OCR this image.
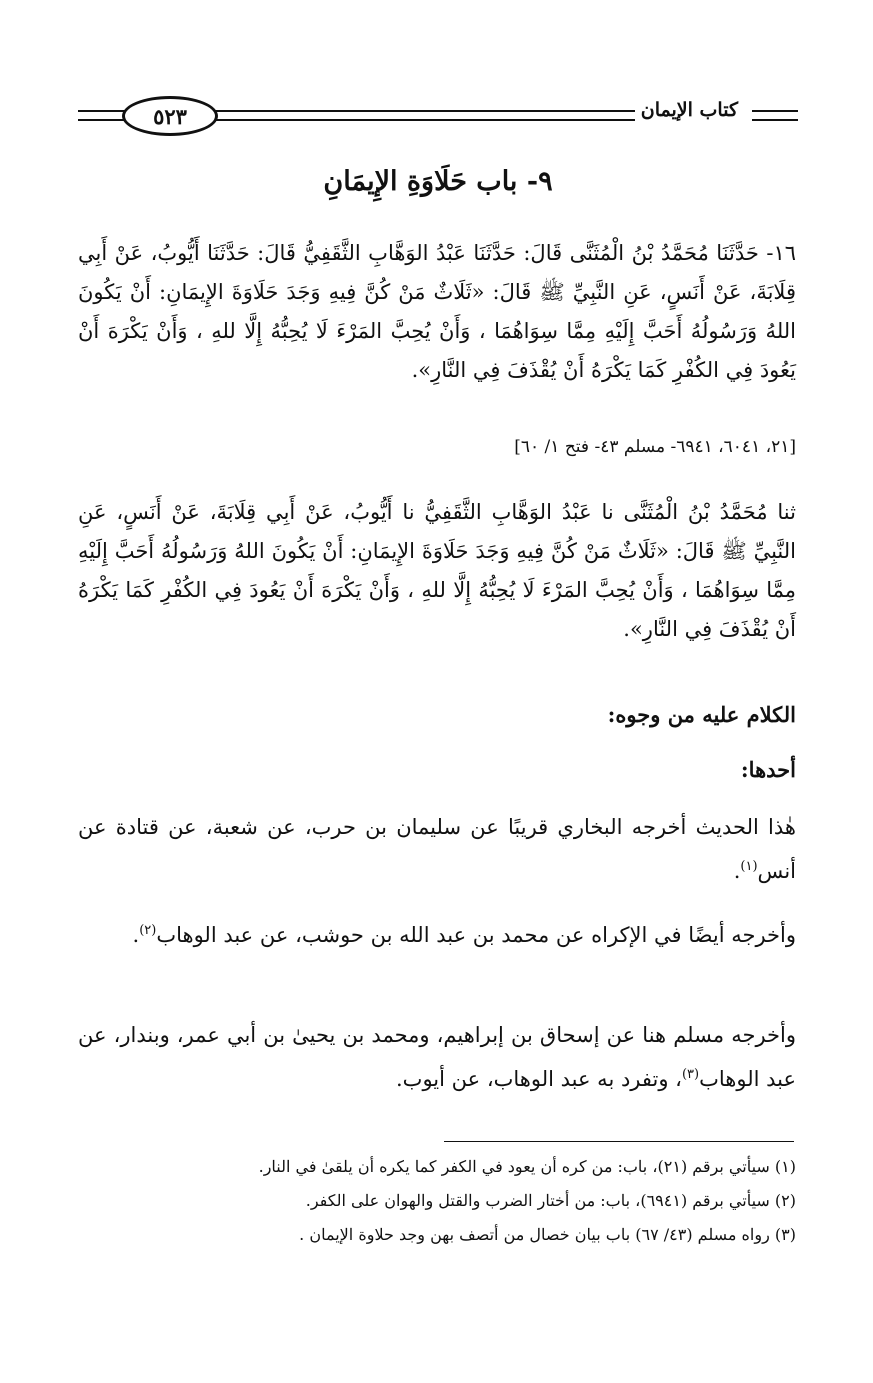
٥٢٣	كتاب الإيمان
٩- باب حَلَاوَةِ الإِيمَانِ

١٦- حَدَّثَنَا مُحَمَّدُ بْنُ الْمُثَنَّى قَالَ: حَدَّثَنَا عَبْدُ الوَهَّابِ الثَّقَفِيُّ قَالَ: حَدَّثَنَا أَيُّوبُ، عَنْ أَبِي قِلَابَةَ، عَنْ أَنَسٍ، عَنِ النَّبِيِّ ﷺ قَالَ: «ثَلَاثٌ مَنْ كُنَّ فِيهِ وَجَدَ حَلَاوَةَ الإِيمَانِ: أَنْ يَكُونَ اللهُ وَرَسُولُهُ أَحَبَّ إِلَيْهِ مِمَّا سِوَاهُمَا ، وَأَنْ يُحِبَّ المَرْءَ لَا يُحِبُّهُ إِلَّا للهِ ، وَأَنْ يَكْرَهَ أَنْ يَعُودَ فِي الكُفْرِ كَمَا يَكْرَهُ أَنْ يُقْذَفَ فِي النَّارِ».

[٢١، ٦٠٤١، ٦٩٤١- مسلم ٤٣- فتح ١/ ٦٠]

ثنا مُحَمَّدُ بْنُ الْمُثَنَّى نا عَبْدُ الوَهَّابِ الثَّقَفِيُّ نا أَيُّوبُ، عَنْ أَبِي قِلَابَةَ، عَنْ أَنَسٍ، عَنِ النَّبِيِّ ﷺ قَالَ: «ثَلَاثٌ مَنْ كُنَّ فِيهِ وَجَدَ حَلَاوَةَ الإِيمَانِ: أَنْ يَكُونَ اللهُ وَرَسُولُهُ أَحَبَّ إِلَيْهِ مِمَّا سِوَاهُمَا ، وَأَنْ يُحِبَّ المَرْءَ لَا يُحِبُّهُ إِلَّا للهِ ، وَأَنْ يَكْرَهَ أَنْ يَعُودَ فِي الكُفْرِ كَمَا يَكْرَهُ أَنْ يُقْذَفَ فِي النَّارِ».

الكلام عليه من وجوه:

أحدها:

هٰذا الحديث أخرجه البخاري قريبًا عن سليمان بن حرب، عن شعبة، عن قتادة عن أنس$^{(١)}$.

وأخرجه أيضًا في الإكراه عن محمد بن عبد الله بن حوشب، عن عبد الوهاب$^{(٢)}$.

وأخرجه مسلم هنا عن إسحاق بن إبراهيم، ومحمد بن يحيىٰ بن أبي عمر، وبندار، عن عبد الوهاب$^{(٣)}$، وتفرد به عبد الوهاب، عن أيوب.

(١) سيأتي برقم (٢١)، باب: من كره أن يعود في الكفر كما يكره أن يلقىٰ في النار.
(٢) سيأتي برقم (٦٩٤١)، باب: من أختار الضرب والقتل والهوان على الكفر.
(٣) رواه مسلم (٤٣/ ٦٧) باب بيان خصال من أتصف بهن وجد حلاوة الإيمان .
